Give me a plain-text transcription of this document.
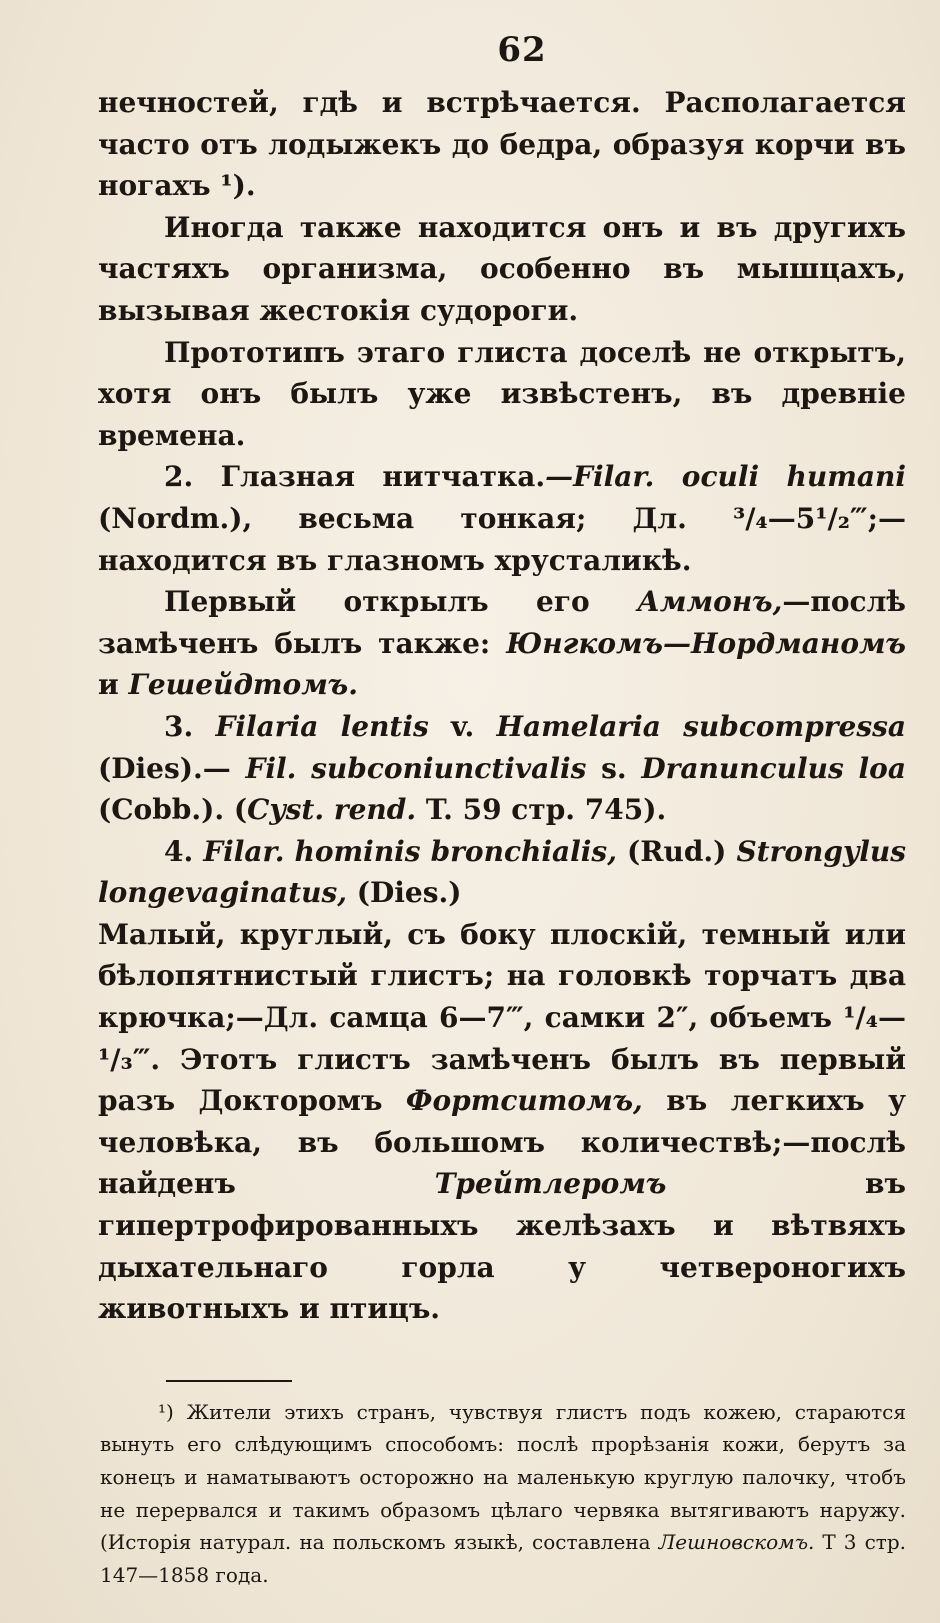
62

нечностей, гдѣ и встрѣчается. Располагается часто отъ лодыжекъ до бедра, образуя корчи въ ногахъ ¹).

Иногда также находится онъ и въ другихъ частяхъ организма, особенно въ мышцахъ, вызывая жестокія судороги.

Прототипъ этаго глиста доселѣ не открытъ, хотя онъ былъ уже извѣстенъ, въ древніе времена.

2. Глазная нитчатка.—Filar. oculi humani (Nordm.), весьма тонкая; Дл. ³/₄—5¹/₂‴;—находится въ глазномъ хрусталикѣ.

Первый открылъ его Аммонъ,—послѣ замѣченъ былъ также: Юнгкомъ—Нордманомъ и Гешейдтомъ.

3. Filaria lentis v. Hamelaria subcompressa (Dies).— Fil. subconiunctivalis s. Dranunculus loa (Cobb.). (Cyst. rend. T. 59 стр. 745).

4. Filar. hominis bronchialis, (Rud.) Strongylus longevaginatus, (Dies.)

Малый, круглый, съ боку плоскій, темный или бѣлопятнистый глистъ; на головкѣ торчатъ два крючка;—Дл. самца 6—7‴, самки 2″, объемъ ¹/₄—¹/₃‴. Этотъ глистъ замѣченъ былъ въ первый разъ Докторомъ Фортситомъ, въ легкихъ у человѣка, въ большомъ количествѣ;—послѣ найденъ Трейтлеромъ въ гипертрофированныхъ желѣзахъ и вѣтвяхъ дыхательнаго горла у четвероногихъ животныхъ и птицъ.

¹) Жители этихъ странъ, чувствуя глистъ подъ кожею, стараются вынуть его слѣдующимъ способомъ: послѣ прорѣзанія кожи, берутъ за конецъ и наматываютъ осторожно на маленькую круглую палочку, чтобъ не перервался и такимъ образомъ цѣлаго червяка вытягиваютъ наружу. (Исторія натурал. на польскомъ языкѣ, составлена Лешновскомъ. Т 3 стр. 147—1858 года.
